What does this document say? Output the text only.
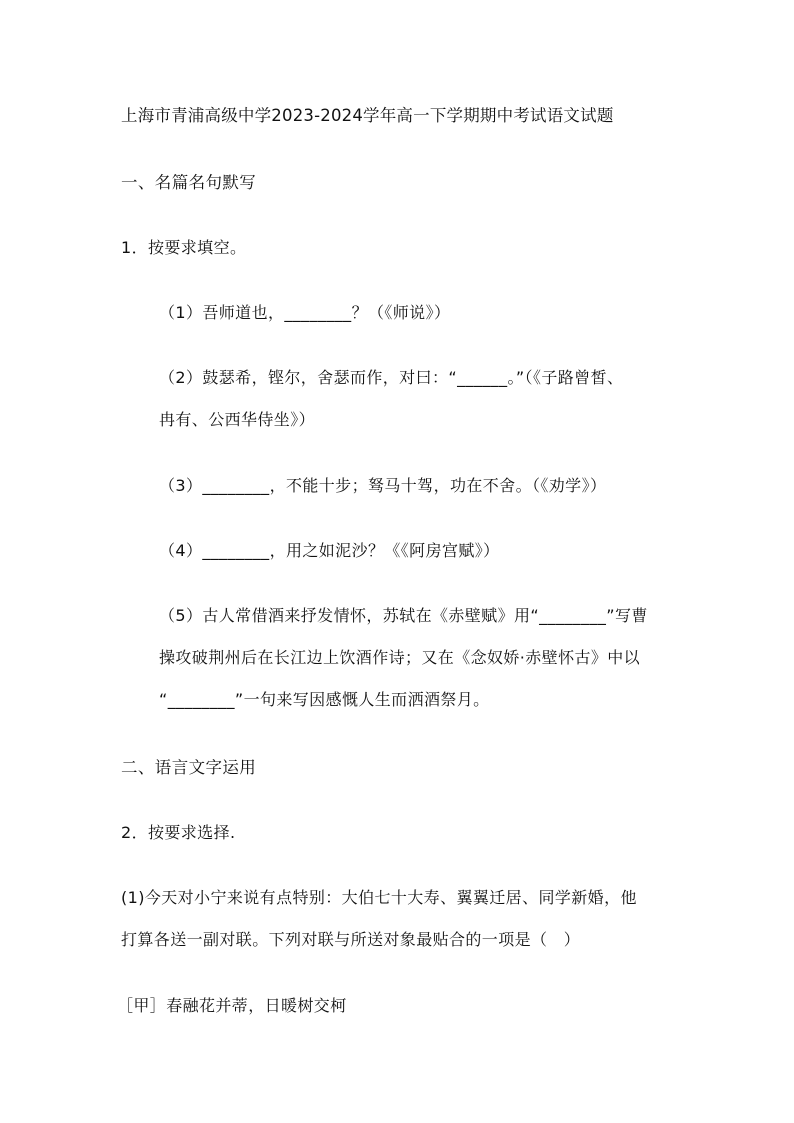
上海市青浦高级中学2023-2024学年高一下学期期中考试语文试题
一、名篇名句默写
1．按要求填空。
（1）吾师道也，________？（《师说》）
（2）鼓瑟希，铿尔，舍瑟而作，对曰：“______。”（《子路曾皙、
冉有、公西华侍坐》）
（3）________，不能十步；驽马十驾，功在不舍。（《劝学》）
（4）________，用之如泥沙？《《阿房宫赋》）
（5）古人常借酒来抒发情怀，苏轼在《赤壁赋》用“________”写曹
操攻破荆州后在长江边上饮酒作诗；又在《念奴娇·赤壁怀古》中以
“________”一句来写因感慨人生而洒酒祭月。
二、语言文字运用
2．按要求选择.
(1)今天对小宁来说有点特别：大伯七十大寿、翼翼迁居、同学新婚，他
打算各送一副对联。下列对联与所送对象最贴合的一项是（　）
［甲］春融花并蒂，日暖树交柯
